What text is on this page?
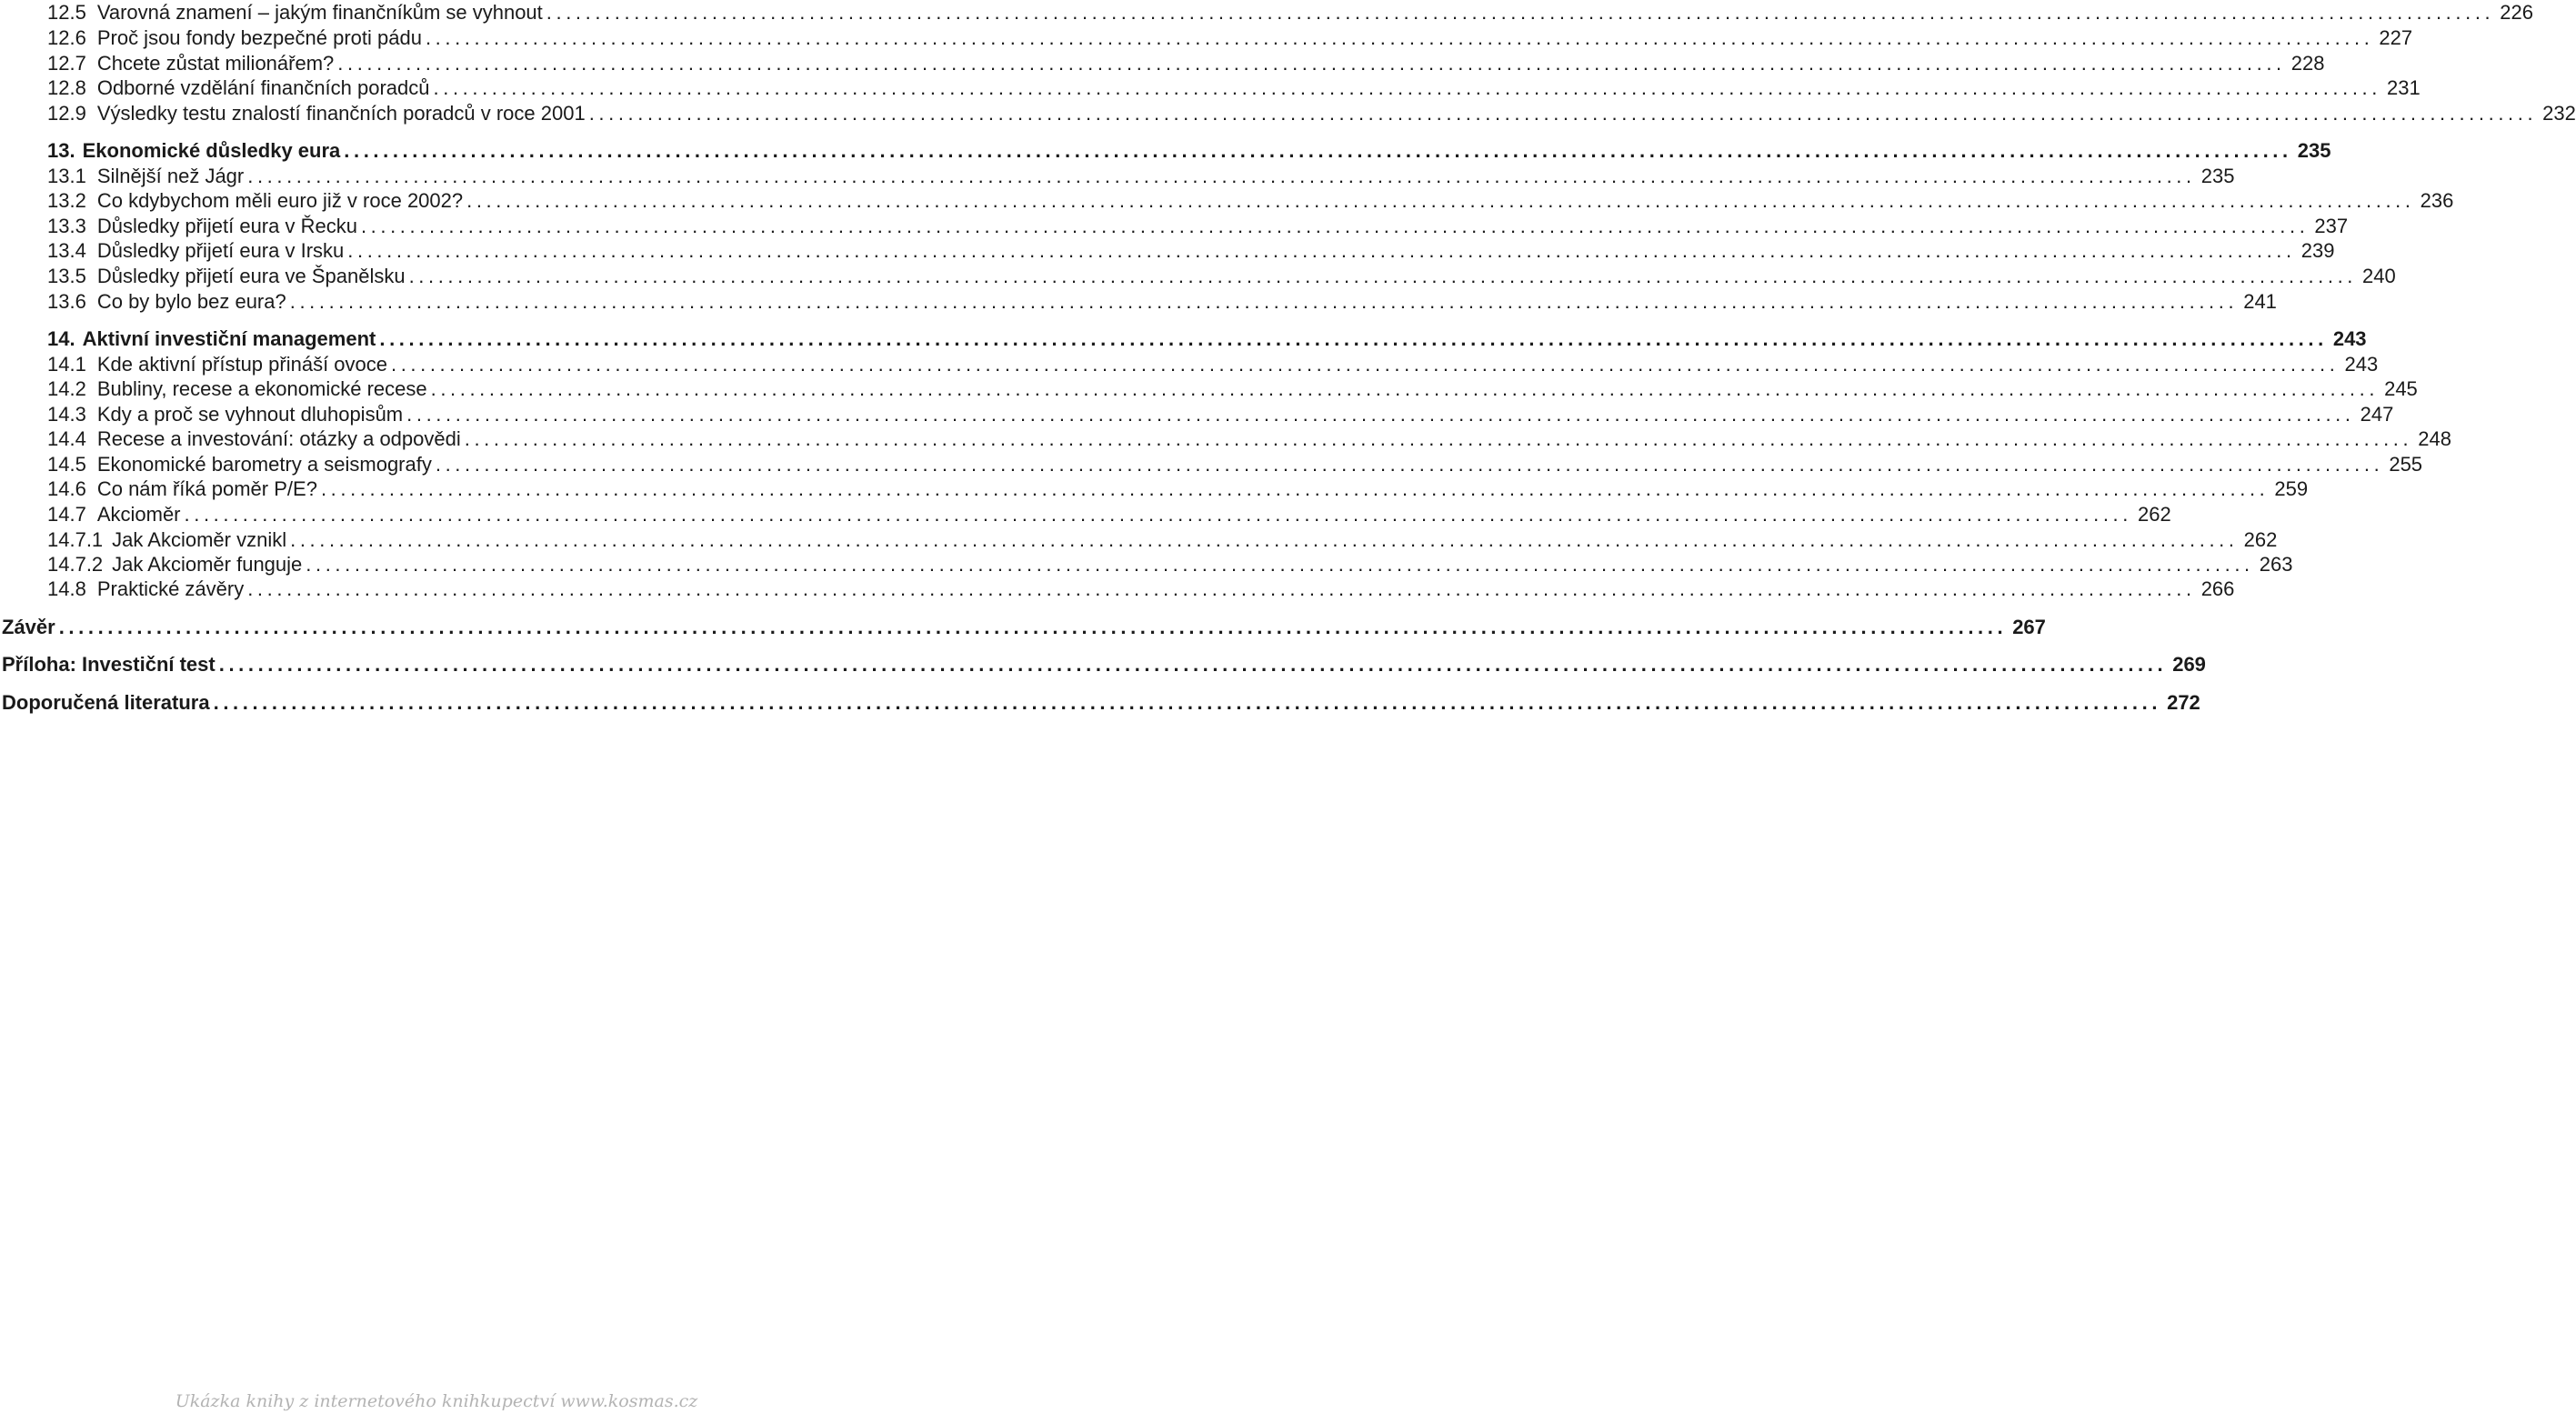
12.5 Varovná znamení – jakým finančníkům se vyhnout ........................................................................................................................................................................................................ 226
12.6 Proč jsou fondy bezpečné proti pádu ........................................................................................................................................................................................................ 227
12.7 Chcete zůstat milionářem? ........................................................................................................................................................................................................ 228
12.8 Odborné vzdělání finančních poradců ........................................................................................................................................................................................................ 231
12.9 Výsledky testu znalostí finančních poradců v roce 2001 ........................................................................................................................................................................................................ 232
13. Ekonomické důsledky eura ........................................................................................................................................................................................................ 235
13.1 Silnější než Jágr ........................................................................................................................................................................................................ 235
13.2 Co kdybychom měli euro již v roce 2002? ........................................................................................................................................................................................................ 236
13.3 Důsledky přijetí eura v Řecku ........................................................................................................................................................................................................ 237
13.4 Důsledky přijetí eura v Irsku ........................................................................................................................................................................................................ 239
13.5 Důsledky přijetí eura ve Španělsku ........................................................................................................................................................................................................ 240
13.6 Co by bylo bez eura? ........................................................................................................................................................................................................ 241
14. Aktivní investiční management ........................................................................................................................................................................................................ 243
14.1 Kde aktivní přístup přináší ovoce ........................................................................................................................................................................................................ 243
14.2 Bubliny, recese a ekonomické recese ........................................................................................................................................................................................................ 245
14.3 Kdy a proč se vyhnout dluhopisům ........................................................................................................................................................................................................ 247
14.4 Recese a investování: otázky a odpovědi ........................................................................................................................................................................................................ 248
14.5 Ekonomické barometry a seismografy ........................................................................................................................................................................................................ 255
14.6 Co nám říká poměr P/E? ........................................................................................................................................................................................................ 259
14.7 Akcioměr ........................................................................................................................................................................................................ 262
14.7.1 Jak Akcioměr vznikl ........................................................................................................................................................................................................ 262
14.7.2 Jak Akcioměr funguje ........................................................................................................................................................................................................ 263
14.8 Praktické závěry ........................................................................................................................................................................................................ 266
Závěr ........................................................................................................................................................................................................ 267
Příloha: Investiční test ........................................................................................................................................................................................................ 269
Doporučená literatura ........................................................................................................................................................................................................ 272
Ukázka knihy z internetového knihkupectví www.kosmas.cz
